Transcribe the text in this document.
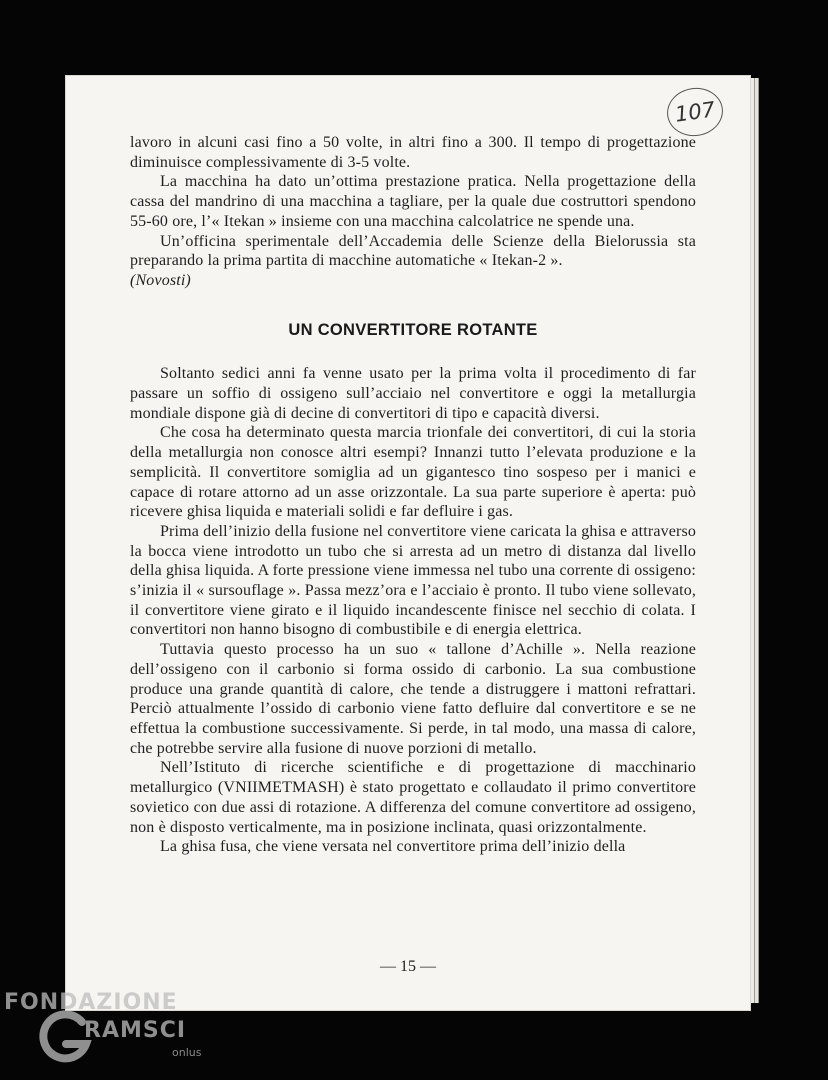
107

lavoro in alcuni casi fino a 50 volte, in altri fino a 300. Il tempo di progettazione diminuisce complessivamente di 3-5 volte.

La macchina ha dato un’ottima prestazione pratica. Nella progettazione della cassa del mandrino di una macchina a tagliare, per la quale due costruttori spendono 55-60 ore, l’« Itekan » insieme con una macchina calcolatrice ne spende una.

Un’officina sperimentale dell’Accademia delle Scienze della Bielorussia sta preparando la prima partita di macchine automatiche « Itekan-2 ».

(Novosti)

UN CONVERTITORE ROTANTE

Soltanto sedici anni fa venne usato per la prima volta il procedimento di far passare un soffio di ossigeno sull’acciaio nel convertitore e oggi la metallurgia mondiale dispone già di decine di convertitori di tipo e capacità diversi.

Che cosa ha determinato questa marcia trionfale dei convertitori, di cui la storia della metallurgia non conosce altri esempi? Innanzi tutto l’elevata produzione e la semplicità. Il convertitore somiglia ad un gigantesco tino sospeso per i manici e capace di rotare attorno ad un asse orizzontale. La sua parte superiore è aperta: può ricevere ghisa liquida e materiali solidi e far defluire i gas.

Prima dell’inizio della fusione nel convertitore viene caricata la ghisa e attraverso la bocca viene introdotto un tubo che si arresta ad un metro di distanza dal livello della ghisa liquida. A forte pressione viene immessa nel tubo una corrente di ossigeno: s’inizia il « sursouflage ». Passa mezz’ora e l’acciaio è pronto. Il tubo viene sollevato, il convertitore viene girato e il liquido incandescente finisce nel secchio di colata. I convertitori non hanno bisogno di combustibile e di energia elettrica.

Tuttavia questo processo ha un suo « tallone d’Achille ». Nella reazione dell’ossigeno con il carbonio si forma ossido di carbonio. La sua combustione produce una grande quantità di calore, che tende a distruggere i mattoni refrattari. Perciò attualmente l’ossido di carbonio viene fatto defluire dal convertitore e se ne effettua la combustione successivamente. Si perde, in tal modo, una massa di calore, che potrebbe servire alla fusione di nuove porzioni di metallo.

Nell’Istituto di ricerche scientifiche e di progettazione di macchinario metallurgico (VNIIMETMASH) è stato progettato e collaudato il primo convertitore sovietico con due assi di rotazione. A differenza del comune convertitore ad ossigeno, non è disposto verticalmente, ma in posizione inclinata, quasi orizzontalmente.

La ghisa fusa, che viene versata nel convertitore prima dell’inizio della

— 15 —
FONDAZIONE
RAMSCI
onlus
